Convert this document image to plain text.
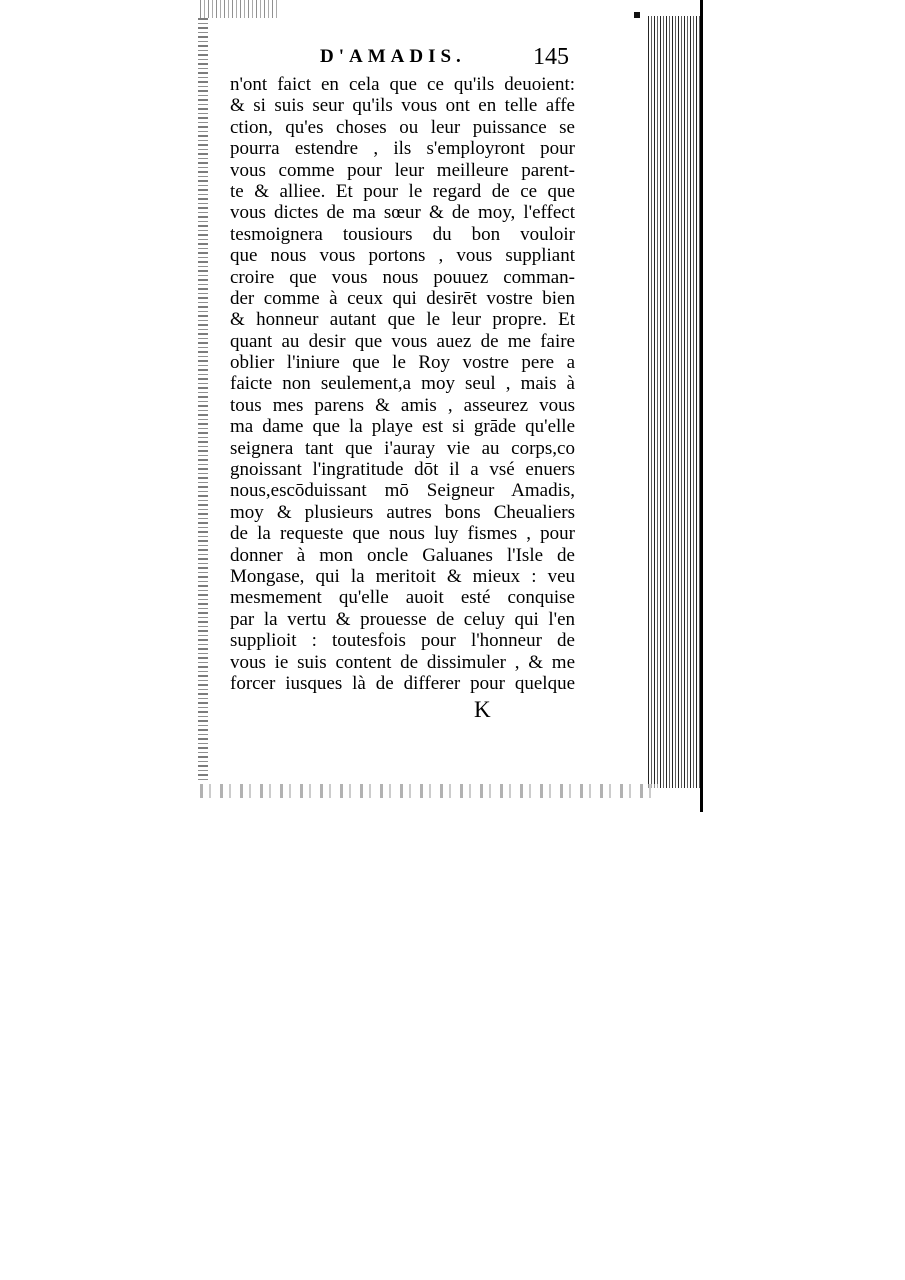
D'AMADIS.	145
n'ont faict en cela que ce qu'ils deuoient:
& si suis seur qu'ils vous ont en telle affe
ction, qu'es choses ou leur puissance se
pourra estendre , ils s'employront pour
vous comme pour leur meilleure parent-
te & alliee. Et pour le regard de ce que
vous dictes de ma sœur & de moy, l'effect
tesmoignera tousiours du bon vouloir
que nous vous portons , vous suppliant
croire que vous nous pouuez comman-
der comme à ceux qui desirēt vostre bien
& honneur autant que le leur propre. Et
quant au desir que vous auez de me faire
oblier l'iniure que le Roy vostre pere a
faicte non seulement,a moy seul , mais à
tous mes parens & amis , asseurez vous
ma dame que la playe est si grāde qu'elle
seignera tant que i'auray vie au corps,co
gnoissant l'ingratitude dōt il a vsé enuers
nous,escōduissant mō Seigneur Amadis,
moy & plusieurs autres bons Cheualiers
de la requeste que nous luy fismes , pour
donner à mon oncle Galuanes l'Isle de
Mongase, qui la meritoit & mieux : veu
mesmement qu'elle auoit esté conquise
par la vertu & prouesse de celuy qui l'en
supplioit : toutesfois pour l'honneur de
vous ie suis content de dissimuler , & me
forcer iusques là de differer pour quelque
K
